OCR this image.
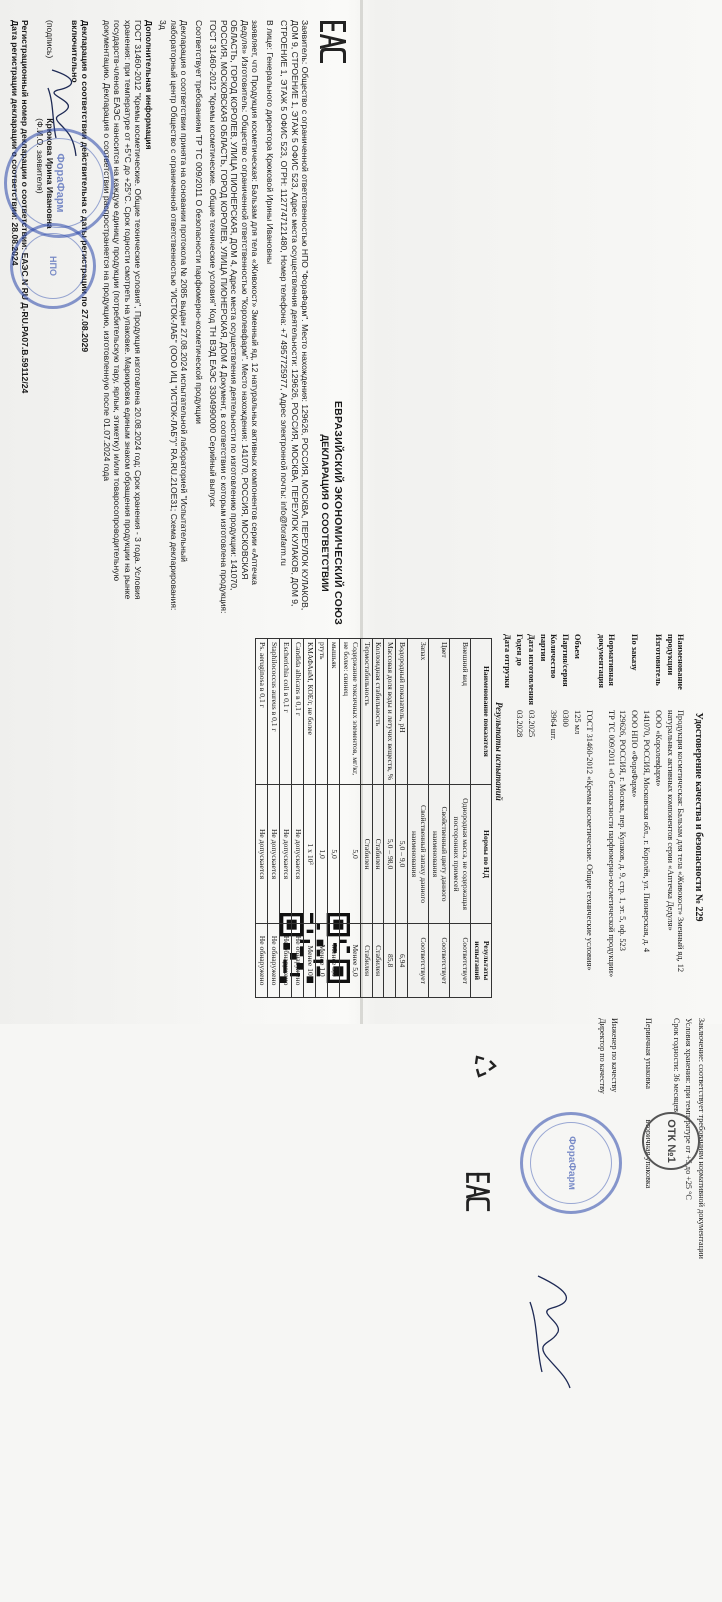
ЕВРАЗИЙСКИЙ ЭКОНОМИЧЕСКИЙ СОЮЗ
ДЕКЛАРАЦИЯ О СООТВЕТСТВИИ

Заявитель: Общество с ограниченной ответственностью НПО "ФораФарм". Место нахождения: 129626, РОССИЯ, МОСКВА, ПЕРЕУЛОК КУЛАКОВ, ДОМ 9, СТРОЕНИЕ 1, ЭТАЖ 5 ОФИС 523, Адрес места осуществления деятельности: 129626, РОССИЯ, МОСКВА, ПЕРЕУЛОК КУЛАКОВ, ДОМ 9, СТРОЕНИЕ 1, ЭТАЖ 5 ОФИС 523, ОГРН: 1127747121480, Номер телефона: +7 4957725977, Адрес электронной почты: info@forafarm.ru

В лице: Генерального директора Крюковой Ирины Ивановны

заявляет, что Продукция косметическая: Бальзам для тела «Живокост» Зменный яд, 12 натуральных активных компонентов серии «Аптечка Дедуля» Изготовитель: Общество с ограниченной ответственностью "Королевфарм". Место нахождения: 141070, РОССИЯ, МОСКОВСКАЯ ОБЛАСТЬ, ГОРОД КОРОЛЕВ, УЛИЦА ПИОНЕРСКАЯ, ДОМ 4, Адрес места осуществления деятельности по изготовлению продукции: 141070, РОССИЯ, МОСКОВСКАЯ ОБЛАСТЬ, ГОРОД КОРОЛЕВ, УЛИЦА ПИОНЕРСКАЯ, ДОМ 4 Документ, в соответствии с которым изготовлена продукция: ГОСТ 31460-2012 "Кремы косметические. Общие технические условия" Код ТН ВЭД ЕАЭС 3304990000 Серийный выпуск

Соответствует требованиям ТР ТС 009/2011 О безопасности парфюмерно-косметической продукции

Декларация о соответствии принята на основании протокола № 2085 выдан 27.08.2024 испытательной лабораторией "Испытательный лабораторный центр Общество с ограниченной ответственностью "ИСТОК-ЛАБ" (ООО ИЦ "ИСТОК-ЛАБ")" RA.RU.21ОЕ31; Схема декларирования: 3д

Дополнительная информация

ГОСТ 31460-2012 "Кремы косметические. Общие технические условия", Продукция изготовлена 20.08.2024 год; Срок хранения - 3 года. Условия хранения: при температуре от +5°С до +25°С. Срок годности смотреть на упаковке. Маркировка единым знаком обращения продукции на рынке государств-членов ЕАЭС наносится на каждую единицу продукции (потребительскую тару, ярлык, этикетку) и/или товаросопроводительную документацию. Декларация о соответствии распространяется на продукцию, изготовленную после 01.07.2024 года

Декларация о соответствии действительна с даты регистрации по 27.08.2029
включительно
(подпись)
Крюкова Ирина Ивановна
(Ф.И.О. заявителя)
Регистрационный номер декларации о соответствии: ЕАЭС N RU Д-RU.РА07.В.59112/24
Дата регистрации декларации о соответствии: 28.08.2024
ФораФарм
НПО
Удостоверение качества и безопасности № 229
Наименование продукции	Продукция косметическая: Бальзам для тела «Живокост» Зменный яд, 12 натуральных активных компонентов серии «Аптечка Дедуля»
Изготовитель	ООО «Королевфарм»
	141070, РОССИЯ, Московская обл., г. Королёв, ул. Пионерская, д. 4
По заказу	ООО НПО «ФораФарм»
	129626, РОССИЯ, г. Москва, пер. Кулаков, д. 9, стр. 1, эт. 5, оф. 523
Нормативная документация	ТР ТС 009/2011 «О безопасности парфюмерно-косметической продукции»
	ГОСТ 31460-2012 «Кремы косметические. Общие технические условия»
Объем	125 мл
Партия/серия	0300
Количество партии	3964 шт.
Дата изготовления	03.2025
Годен до	03.2028
Дата отгрузки	
Результаты испытаний
Наименование показателя	Нормы по НД	Результаты испытаний
Внешний вид	Однородная масса, не содержащая посторонних примесей	Соответствует
Цвет	Свойственный цвету данного наименования	Соответствует
Запах	Свойственный запаху данного наименования	Соответствует
Водородный показатель, pH	5,0 – 9,0	6,94
Массовая доля воды и летучих веществ, %	5,0 – 98,0	85,8
Коллоидная стабильность	Стабилен	Стабилен
Термостабильность	Стабилен	Стабилен
Содержание токсичных элементов, мг/кг, не более: свинец	5,0	Менее 5,0
мышьяк	5,0	Менее 5,0
ртуть	1,0	Менее 1,0
КМАФАнМ, КОЕ/г, не более	1 х 10³	Менее 10
Candida albicans в 0,1 г	Не допускается	Не обнаружено
Escherichia coli в 0,1 г	Не допускается	Не обнаружено
Staphilococcus aureus в 0,1 г	Не допускается	Не обнаружено
Ps. aeruginosa в 0,1 г	Не допускается	Не обнаружено

Заключение: соответствует требованиям нормативной документации

Условия хранения: при температуре от +5 до +25 °С

Срок годности: 36 месяцев

Первичная упаковка               вторичная упаковка

Инженер по качеству

Директор по качеству

ФораФарм	ОТК №1
